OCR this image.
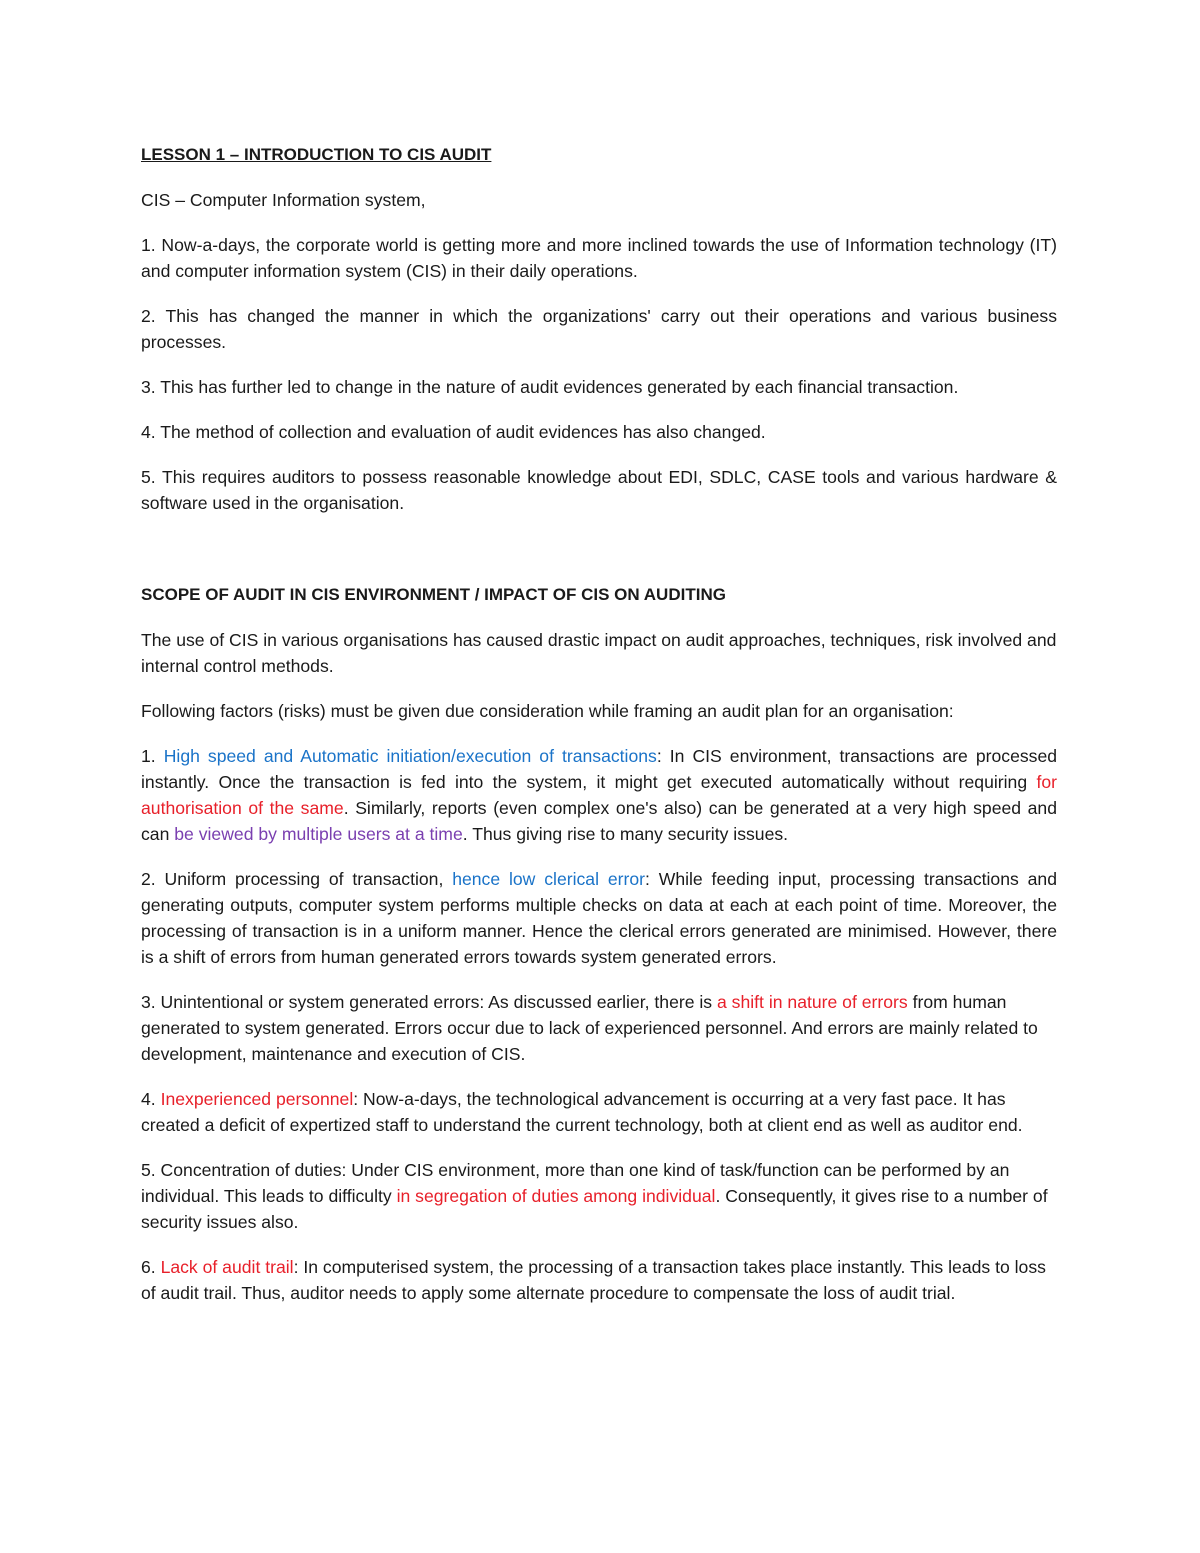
LESSON 1 – INTRODUCTION TO CIS AUDIT

CIS – Computer Information system,

1. Now-a-days, the corporate world is getting more and more inclined towards the use of Information technology (IT) and computer information system (CIS) in their daily operations.

2. This has changed the manner in which the organizations' carry out their operations and various business processes.

3. This has further led to change in the nature of audit evidences generated by each financial transaction.

4. The method of collection and evaluation of audit evidences has also changed.

5. This requires auditors to possess reasonable knowledge about EDI, SDLC, CASE tools and various hardware & software used in the organisation.

SCOPE OF AUDIT IN CIS ENVIRONMENT / IMPACT OF CIS ON AUDITING

The use of CIS in various organisations has caused drastic impact on audit approaches, techniques, risk involved and internal control methods.

Following factors (risks) must be given due consideration while framing an audit plan for an organisation:

1. High speed and Automatic initiation/execution of transactions: In CIS environment, transactions are processed instantly. Once the transaction is fed into the system, it might get executed automatically without requiring for authorisation of the same. Similarly, reports (even complex one's also) can be generated at a very high speed and can be viewed by multiple users at a time. Thus giving rise to many security issues.

2. Uniform processing of transaction, hence low clerical error: While feeding input, processing transactions and generating outputs, computer system performs multiple checks on data at each at each point of time. Moreover, the processing of transaction is in a uniform manner. Hence the clerical errors generated are minimised. However, there is a shift of errors from human generated errors towards system generated errors.

3. Unintentional or system generated errors: As discussed earlier, there is a shift in nature of errors from human generated to system generated. Errors occur due to lack of experienced personnel. And errors are mainly related to development, maintenance and execution of CIS.

4. Inexperienced personnel: Now-a-days, the technological advancement is occurring at a very fast pace. It has created a deficit of expertized staff to understand the current technology, both at client end as well as auditor end.

5. Concentration of duties: Under CIS environment, more than one kind of task/function can be performed by an individual. This leads to difficulty in segregation of duties among individual. Consequently, it gives rise to a number of security issues also.

6. Lack of audit trail: In computerised system, the processing of a transaction takes place instantly. This leads to loss of audit trail. Thus, auditor needs to apply some alternate procedure to compensate the loss of audit trial.
